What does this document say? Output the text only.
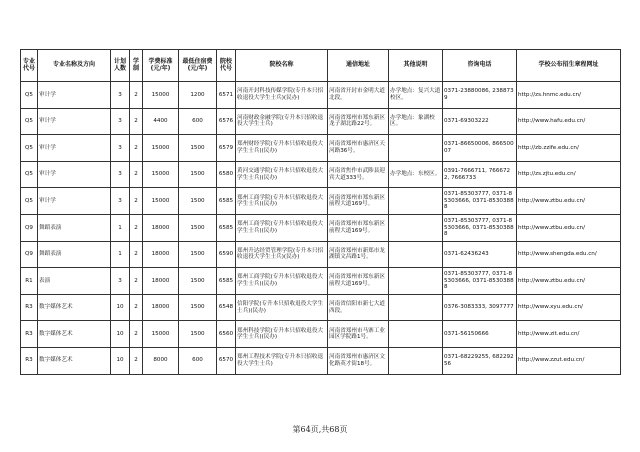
专业代号	专业名称及方向	计划人数	学制	学费标准(元/年)	最低住宿费(元/年)	院校代号	院校名称	通信地址	其他说明	咨询电话	学校公布招生章程网址
Q5	审计学	3	2	15000	1200	6571	河南开封科技传媒学院(专升本只招收退役大学生士兵)(民办)	河南省开封市金明大道北段。	办学地点：复兴大道校区。	0371-23880086, 2388739	http://zs.hnmc.edu.cn/
Q5	审计学	3	2	4400	600	6576	河南财政金融学院(专升本只招收退役大学生士兵)	河南省郑州市郑东新区龙子湖北路22号。	办学地点：象湖校区。	0371-69303222	http://www.hafu.edu.cn/
Q5	审计学	3	2	15000	1500	6579	郑州财经学院(专升本只招收退役大学生士兵)(民办)	河南省郑州市惠济区天河路36号。		0371-86650006, 86650007	http://zb.zzife.edu.cn/
Q5	审计学	3	2	15000	1500	6580	黄河交通学院(专升本只招收退役大学生士兵)(民办)	河南省焦作市武陟县迎宾大道333号。	办学地点：东校区。	0391-7666711, 7666722, 7666733	http://zs.zjtu.edu.cn/
Q5	审计学	3	2	15000	1500	6585	郑州工商学院(专升本只招收退役大学生士兵)(民办)	河南省郑州市郑东新区前程大道169号。		0371-85303777, 0371-85303666, 0371-85303888	http://www.ztbu.edu.cn/
Q9	舞蹈表演	1	2	18000	1500	6585	郑州工商学院(专升本只招收退役大学生士兵)(民办)	河南省郑州市郑东新区前程大道169号。		0371-85303777, 0371-85303666, 0371-85303888	http://www.ztbu.edu.cn/
Q9	舞蹈表演	1	2	18000	1500	6590	郑州升达经贸管理学院(专升本只招收退役大学生士兵)(民办)	河南省郑州市新郑市龙湖镇文昌路1号。		0371-62436243	http://www.shengda.edu.cn/
R1	表演	3	2	18000	1500	6585	郑州工商学院(专升本只招收退役大学生士兵)(民办)	河南省郑州市郑东新区前程大道169号。		0371-85303777, 0371-85303666, 0371-85303888	http://www.ztbu.edu.cn/
R3	数字媒体艺术	10	2	18000	1500	6548	信阳学院(专升本只招收退役大学生士兵)(民办)	河南省信阳市新七大道西段。		0376-3083333, 3097777	http://www.xyu.edu.cn/
R3	数字媒体艺术	10	2	15000	1500	6560	郑州科技学院(专升本只招收退役大学生士兵)(民办)	河南省郑州市马寨工业园区学院路1号。		0371-56150666	http://www.zit.edu.cn/
R3	数字媒体艺术	10	2	8000	600	6570	郑州工程技术学院(专升本只招收退役大学生士兵)	河南省郑州市惠济区文化路英才街18号。		0371-68229255, 68229256	http://www.zzut.edu.cn/
第64页,共68页
